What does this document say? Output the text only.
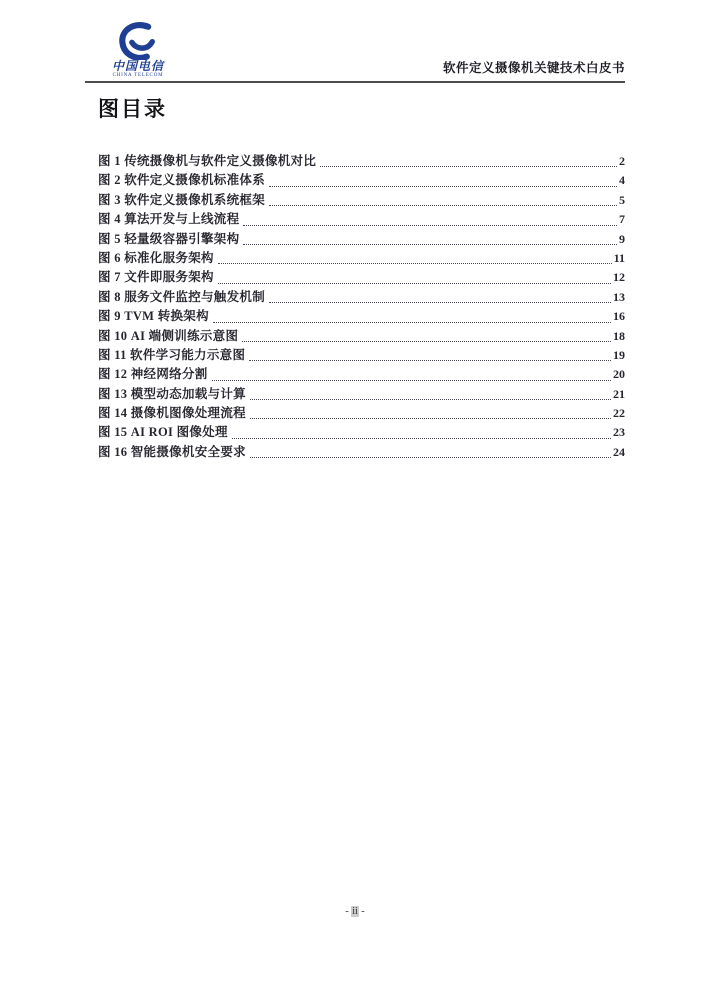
中国电信
CHINA TELECOM
软件定义摄像机关键技术白皮书
图目录
图 1 传统摄像机与软件定义摄像机对比	2
图 2 软件定义摄像机标准体系	4
图 3 软件定义摄像机系统框架	5
图 4 算法开发与上线流程	7
图 5 轻量级容器引擎架构	9
图 6 标准化服务架构	11
图 7 文件即服务架构	12
图 8 服务文件监控与触发机制	13
图 9 TVM 转换架构	16
图 10 AI 端侧训练示意图	18
图 11 软件学习能力示意图	19
图 12 神经网络分割	20
图 13 模型动态加载与计算	21
图 14 摄像机图像处理流程	22
图 15 AI ROI 图像处理	23
图 16 智能摄像机安全要求	24
- ii -
